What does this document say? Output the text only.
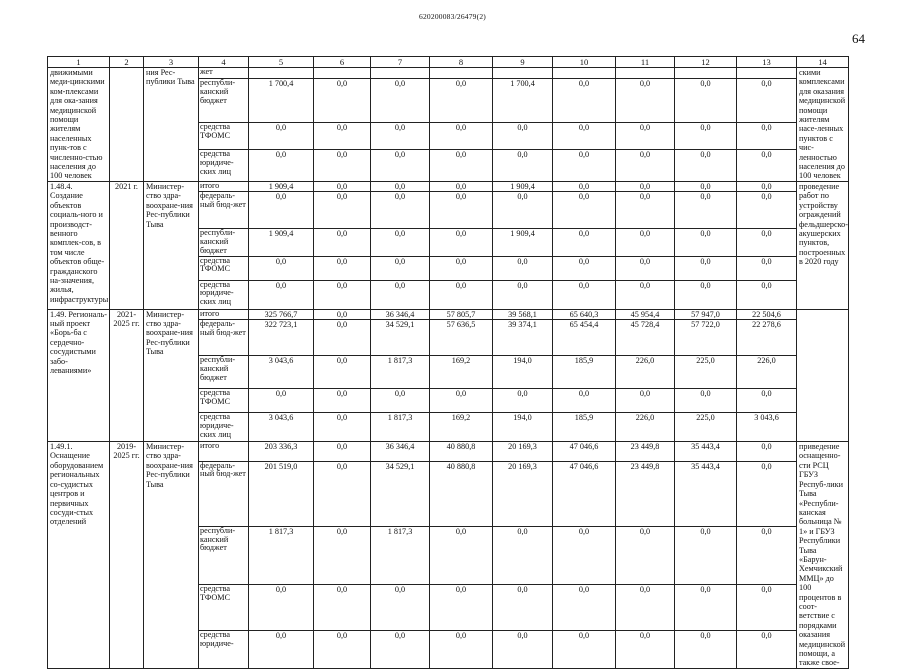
620200083/26479(2)
64
1	2	3	4	5	6	7	8	9	10	11	12	13	14
движимыми меди-цинскими ком-плексами для ока-зания медицинской помощи жителям населенных пунк-тов с численно-стью населения до 100 человек		ния Рес-публики Тыва	жет										скими комплексами для оказания медицинской помощи жителям насе-ленных пунктов с чис-ленностью населения до 100 человек
			республи-канский бюджет	1 700,4	0,0	0,0	0,0	1 700,4	0,0	0,0	0,0	0,0	
			средства ТФОМС	0,0	0,0	0,0	0,0	0,0	0,0	0,0	0,0	0,0	
			средства юридиче-ских лиц	0,0	0,0	0,0	0,0	0,0	0,0	0,0	0,0	0,0	
1.48.4. Создание объектов социаль-ного и производст-венного комплек-сов, в том числе объектов обще-гражданского на-значения, жилья, инфраструктуры	2021 г.	Министер-ство здра-воохране-ния Рес-публики Тыва	итого	1 909,4	0,0	0,0	0,0	1 909,4	0,0	0,0	0,0	0,0	проведение работ по устройству ограждений фельдшерско-акушерских пунктов, построенных в 2020 году
			федераль-ный бюд-жет	0,0	0,0	0,0	0,0	0,0	0,0	0,0	0,0	0,0	
			республи-канский бюджет	1 909,4	0,0	0,0	0,0	1 909,4	0,0	0,0	0,0	0,0	
			средства ТФОМС	0,0	0,0	0,0	0,0	0,0	0,0	0,0	0,0	0,0	
			средства юридиче-ских лиц	0,0	0,0	0,0	0,0	0,0	0,0	0,0	0,0	0,0	
1.49. Региональ-ный проект «Борь-ба с сердечно-сосудистыми забо-леваниями»	2021-2025 гг.	Министер-ство здра-воохране-ния Рес-публики Тыва	итого	325 766,7	0,0	36 346,4	57 805,7	39 568,1	65 640,3	45 954,4	57 947,0	22 504,6	
			федераль-ный бюд-жет	322 723,1	0,0	34 529,1	57 636,5	39 374,1	65 454,4	45 728,4	57 722,0	22 278,6	
			республи-канский бюджет	3 043,6	0,0	1 817,3	169,2	194,0	185,9	226,0	225,0	226,0	
			средства ТФОМС	0,0	0,0	0,0	0,0	0,0	0,0	0,0	0,0	0,0	
			средства юридиче-ских лиц	3 043,6	0,0	1 817,3	169,2	194,0	185,9	226,0	225,0	3 043,6	
1.49.1. Оснащение оборудованием региональных со-судистых центров и первичных сосуди-стых отделений	2019-2025 гг.	Министер-ство здра-воохране-ния Рес-публики Тыва	итого	203 336,3	0,0	36 346,4	40 880,8	20 169,3	47 046,6	23 449,8	35 443,4	0,0	приведение оснащенно-сти РСЦ ГБУЗ Респуб-лики Тыва «Республи-канская больница № 1» и ГБУЗ Республики Тыва «Барун-Хемчикский ММЦ» до 100 процентов в соот-ветствие с порядками оказания медицинской помощи, а также свое-
			федераль-ный бюд-жет	201 519,0	0,0	34 529,1	40 880,8	20 169,3	47 046,6	23 449,8	35 443,4	0,0	
			республи-канский бюджет	1 817,3	0,0	1 817,3	0,0	0,0	0,0	0,0	0,0	0,0	
			средства ТФОМС	0,0	0,0	0,0	0,0	0,0	0,0	0,0	0,0	0,0	
			средства юридиче-	0,0	0,0	0,0	0,0	0,0	0,0	0,0	0,0	0,0	
